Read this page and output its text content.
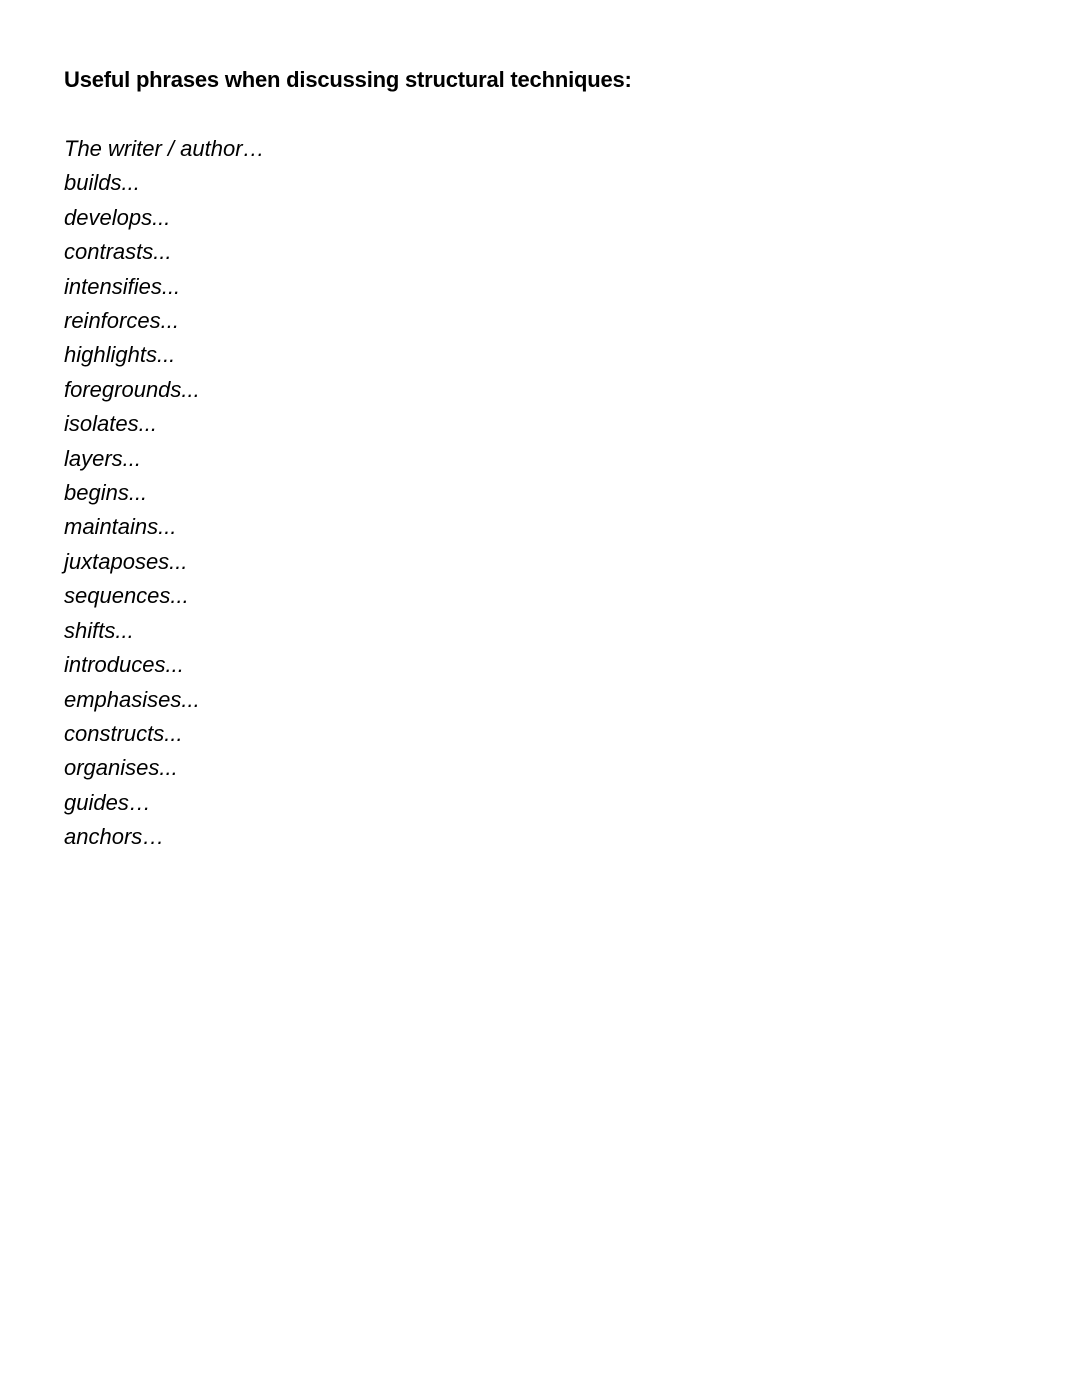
Useful phrases when discussing structural techniques:
The writer / author…
builds...
develops...
contrasts...
intensifies...
reinforces...
highlights...
foregrounds...
isolates...
layers...
begins...
maintains...
juxtaposes...
sequences...
shifts...
introduces...
emphasises...
constructs...
organises...
guides…
anchors…
